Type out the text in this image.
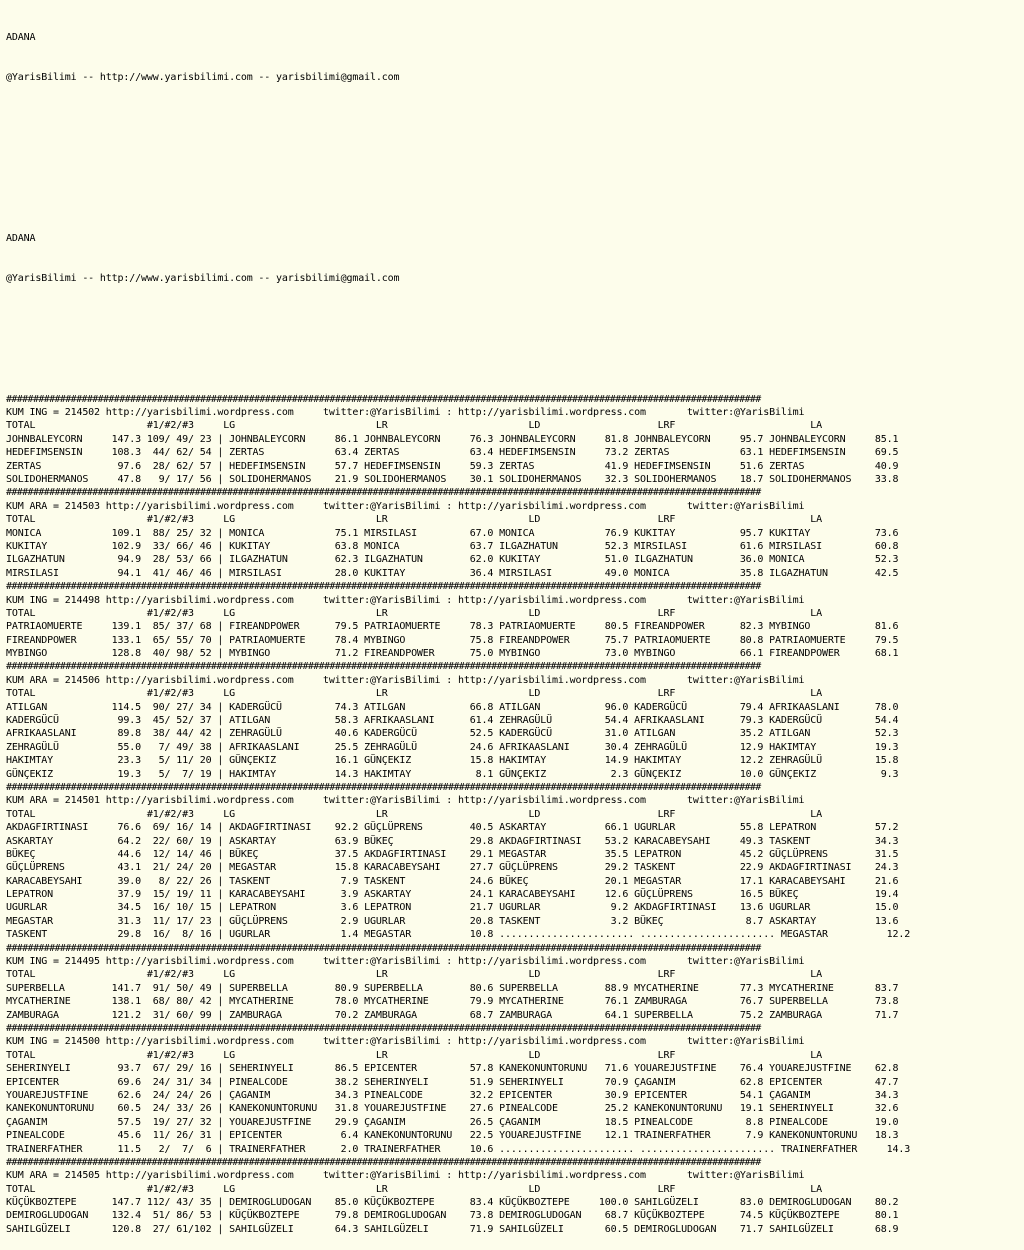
ADANA

@YarisBilimi -- http://www.yarisbilimi.com -- yarisbilimi@gmail.com

ADANA

@YarisBilimi -- http://www.yarisbilimi.com -- yarisbilimi@gmail.com

############################################################################################################################################
KUM ING = 214502 http://yarisbilimi.wordpress.com     twitter:@YarisBilimi : http://yarisbilimi.wordpress.com       twitter:@YarisBilimi
TOTAL                   #1/#2/#3     LG                        LR                        LD                    LRF                       LA
JOHNBALEYCORN     147.3 109/ 49/ 23 | JOHNBALEYCORN     86.1 JOHNBALEYCORN     76.3 JOHNBALEYCORN     81.8 JOHNBALEYCORN     95.7 JOHNBALEYCORN     85.1
HEDEFIMSENSIN     108.3  44/ 62/ 54 | ZERTAS            63.4 ZERTAS            63.4 HEDEFIMSENSIN     73.2 ZERTAS            63.1 HEDEFIMSENSIN     69.5
ZERTAS             97.6  28/ 62/ 57 | HEDEFIMSENSIN     57.7 HEDEFIMSENSIN     59.3 ZERTAS            41.9 HEDEFIMSENSIN     51.6 ZERTAS            40.9
SOLIDOHERMANOS     47.8   9/ 17/ 56 | SOLIDOHERMANOS    21.9 SOLIDOHERMANOS    30.1 SOLIDOHERMANOS    32.3 SOLIDOHERMANOS    18.7 SOLIDOHERMANOS    33.8
############################################################################################################################################
KUM ARA = 214503 http://yarisbilimi.wordpress.com     twitter:@YarisBilimi : http://yarisbilimi.wordpress.com       twitter:@YarisBilimi
TOTAL                   #1/#2/#3     LG                        LR                        LD                    LRF                       LA
MONICA            109.1  88/ 25/ 32 | MONICA            75.1 MIRSILASI         67.0 MONICA            76.9 KUKITAY           95.7 KUKITAY           73.6
KUKITAY           102.9  33/ 66/ 46 | KUKITAY           63.8 MONICA            63.7 ILGAZHATUN        52.3 MIRSILASI         61.6 MIRSILASI         60.8
ILGAZHATUN         94.9  28/ 53/ 66 | ILGAZHATUN        62.3 ILGAZHATUN        62.0 KUKITAY           51.0 ILGAZHATUN        36.0 MONICA            52.3
MIRSILASI          94.1  41/ 46/ 46 | MIRSILASI         28.0 KUKITAY           36.4 MIRSILASI         49.0 MONICA            35.8 ILGAZHATUN        42.5
############################################################################################################################################
KUM ING = 214498 http://yarisbilimi.wordpress.com     twitter:@YarisBilimi : http://yarisbilimi.wordpress.com       twitter:@YarisBilimi
TOTAL                   #1/#2/#3     LG                        LR                        LD                    LRF                       LA
PATRIAOMUERTE     139.1  85/ 37/ 68 | FIREANDPOWER      79.5 PATRIAOMUERTE     78.3 PATRIAOMUERTE     80.5 FIREANDPOWER      82.3 MYBINGO           81.6
FIREANDPOWER      133.1  65/ 55/ 70 | PATRIAOMUERTE     78.4 MYBINGO           75.8 FIREANDPOWER      75.7 PATRIAOMUERTE     80.8 PATRIAOMUERTE     79.5
MYBINGO           128.8  40/ 98/ 52 | MYBINGO           71.2 FIREANDPOWER      75.0 MYBINGO           73.0 MYBINGO           66.1 FIREANDPOWER      68.1
############################################################################################################################################
KUM ARA = 214506 http://yarisbilimi.wordpress.com     twitter:@YarisBilimi : http://yarisbilimi.wordpress.com       twitter:@YarisBilimi
TOTAL                   #1/#2/#3     LG                        LR                        LD                    LRF                       LA
ATILGAN           114.5  90/ 27/ 34 | KADERGÜCÜ         74.3 ATILGAN           66.8 ATILGAN           96.0 KADERGÜCÜ         79.4 AFRIKAASLANI      78.0
KADERGÜCÜ          99.3  45/ 52/ 37 | ATILGAN           58.3 AFRIKAASLANI      61.4 ZEHRAGÜLÜ         54.4 AFRIKAASLANI      79.3 KADERGÜCÜ         54.4
AFRIKAASLANI       89.8  38/ 44/ 42 | ZEHRAGÜLÜ         40.6 KADERGÜCÜ         52.5 KADERGÜCÜ         31.0 ATILGAN           35.2 ATILGAN           52.3
ZEHRAGÜLÜ          55.0   7/ 49/ 38 | AFRIKAASLANI      25.5 ZEHRAGÜLÜ         24.6 AFRIKAASLANI      30.4 ZEHRAGÜLÜ         12.9 HAKIMTAY          19.3
HAKIMTAY           23.3   5/ 11/ 20 | GÜNÇEKIZ          16.1 GÜNÇEKIZ          15.8 HAKIMTAY          14.9 HAKIMTAY          12.2 ZEHRAGÜLÜ         15.8
GÜNÇEKIZ           19.3   5/  7/ 19 | HAKIMTAY          14.3 HAKIMTAY           8.1 GÜNÇEKIZ           2.3 GÜNÇEKIZ          10.0 GÜNÇEKIZ           9.3
############################################################################################################################################
KUM ARA = 214501 http://yarisbilimi.wordpress.com     twitter:@YarisBilimi : http://yarisbilimi.wordpress.com       twitter:@YarisBilimi
TOTAL                   #1/#2/#3     LG                        LR                        LD                    LRF                       LA
AKDAGFIRTINASI     76.6  69/ 16/ 14 | AKDAGFIRTINASI    92.2 GÜÇLÜPRENS        40.5 ASKARTAY          66.1 UGURLAR           55.8 LEPATRON          57.2
ASKARTAY           64.2  22/ 60/ 19 | ASKARTAY          63.9 BÜKEÇ             29.8 AKDAGFIRTINASI    53.2 KARACABEYSAHI     49.3 TASKENT           34.3
BÜKEÇ              44.6  12/ 14/ 46 | BÜKEÇ             37.5 AKDAGFIRTINASI    29.1 MEGASTAR          35.5 LEPATRON          45.2 GÜÇLÜPRENS        31.5
GÜÇLÜPRENS         43.1  21/ 24/ 20 | MEGASTAR          15.8 KARACABEYSAHI     27.7 GÜÇLÜPRENS        29.2 TASKENT           22.9 AKDAGFIRTINASI    24.3
KARACABEYSAHI      39.0   8/ 22/ 26 | TASKENT            7.9 TASKENT           24.6 BÜKEÇ             20.1 MEGASTAR          17.1 KARACABEYSAHI     21.6
LEPATRON           37.9  15/ 19/ 11 | KARACABEYSAHI      3.9 ASKARTAY          24.1 KARACABEYSAHI     12.6 GÜÇLÜPRENS        16.5 BÜKEÇ             19.4
UGURLAR            34.5  16/ 10/ 15 | LEPATRON           3.6 LEPATRON          21.7 UGURLAR            9.2 AKDAGFIRTINASI    13.6 UGURLAR           15.0
MEGASTAR           31.3  11/ 17/ 23 | GÜÇLÜPRENS         2.9 UGURLAR           20.8 TASKENT            3.2 BÜKEÇ              8.7 ASKARTAY          13.6
TASKENT            29.8  16/  8/ 16 | UGURLAR            1.4 MEGASTAR          10.8 ....................... ....................... MEGASTAR          12.2
############################################################################################################################################
KUM ING = 214495 http://yarisbilimi.wordpress.com     twitter:@YarisBilimi : http://yarisbilimi.wordpress.com       twitter:@YarisBilimi
TOTAL                   #1/#2/#3     LG                        LR                        LD                    LRF                       LA
SUPERBELLA        141.7  91/ 50/ 49 | SUPERBELLA        80.9 SUPERBELLA        80.6 SUPERBELLA        88.9 MYCATHERINE       77.3 MYCATHERINE       83.7
MYCATHERINE       138.1  68/ 80/ 42 | MYCATHERINE       78.0 MYCATHERINE       79.9 MYCATHERINE       76.1 ZAMBURAGA         76.7 SUPERBELLA        73.8
ZAMBURAGA         121.2  31/ 60/ 99 | ZAMBURAGA         70.2 ZAMBURAGA         68.7 ZAMBURAGA         64.1 SUPERBELLA        75.2 ZAMBURAGA         71.7
############################################################################################################################################
KUM ING = 214500 http://yarisbilimi.wordpress.com     twitter:@YarisBilimi : http://yarisbilimi.wordpress.com       twitter:@YarisBilimi
TOTAL                   #1/#2/#3     LG                        LR                        LD                    LRF                       LA
SEHERINYELI        93.7  67/ 29/ 16 | SEHERINYELI       86.5 EPICENTER         57.8 KANEKONUNTORUNU   71.6 YOUAREJUSTFINE    76.4 YOUAREJUSTFINE    62.8
EPICENTER          69.6  24/ 31/ 34 | PINEALCODE        38.2 SEHERINYELI       51.9 SEHERINYELI       70.9 ÇAGANIM           62.8 EPICENTER         47.7
YOUAREJUSTFINE     62.6  24/ 24/ 26 | ÇAGANIM           34.3 PINEALCODE        32.2 EPICENTER         30.9 EPICENTER         54.1 ÇAGANIM           34.3
KANEKONUNTORUNU    60.5  24/ 33/ 26 | KANEKONUNTORUNU   31.8 YOUAREJUSTFINE    27.6 PINEALCODE        25.2 KANEKONUNTORUNU   19.1 SEHERINYELI       32.6
ÇAGANIM            57.5  19/ 27/ 32 | YOUAREJUSTFINE    29.9 ÇAGANIM           26.5 ÇAGANIM           18.5 PINEALCODE         8.8 PINEALCODE        19.0
PINEALCODE         45.6  11/ 26/ 31 | EPICENTER          6.4 KANEKONUNTORUNU   22.5 YOUAREJUSTFINE    12.1 TRAINERFATHER      7.9 KANEKONUNTORUNU   18.3
TRAINERFATHER      11.5   2/  7/  6 | TRAINERFATHER      2.0 TRAINERFATHER     10.6 ....................... ....................... TRAINERFATHER     14.3
############################################################################################################################################
KUM ARA = 214505 http://yarisbilimi.wordpress.com     twitter:@YarisBilimi : http://yarisbilimi.wordpress.com       twitter:@YarisBilimi
TOTAL                   #1/#2/#3     LG                        LR                        LD                    LRF                       LA
KÜÇÜKBOZTEPE      147.7 112/ 43/ 35 | DEMIROGLUDOGAN    85.0 KÜÇÜKBOZTEPE      83.4 KÜÇÜKBOZTEPE     100.0 SAHILGÜZELI       83.0 DEMIROGLUDOGAN    80.2
DEMIROGLUDOGAN    132.4  51/ 86/ 53 | KÜÇÜKBOZTEPE      79.8 DEMIROGLUDOGAN    73.8 DEMIROGLUDOGAN    68.7 KÜÇÜKBOZTEPE      74.5 KÜÇÜKBOZTEPE      80.1
SAHILGÜZELI       120.8  27/ 61/102 | SAHILGÜZELI       64.3 SAHILGÜZELI       71.9 SAHILGÜZELI       60.5 DEMIROGLUDOGAN    71.7 SAHILGÜZELI       68.9
